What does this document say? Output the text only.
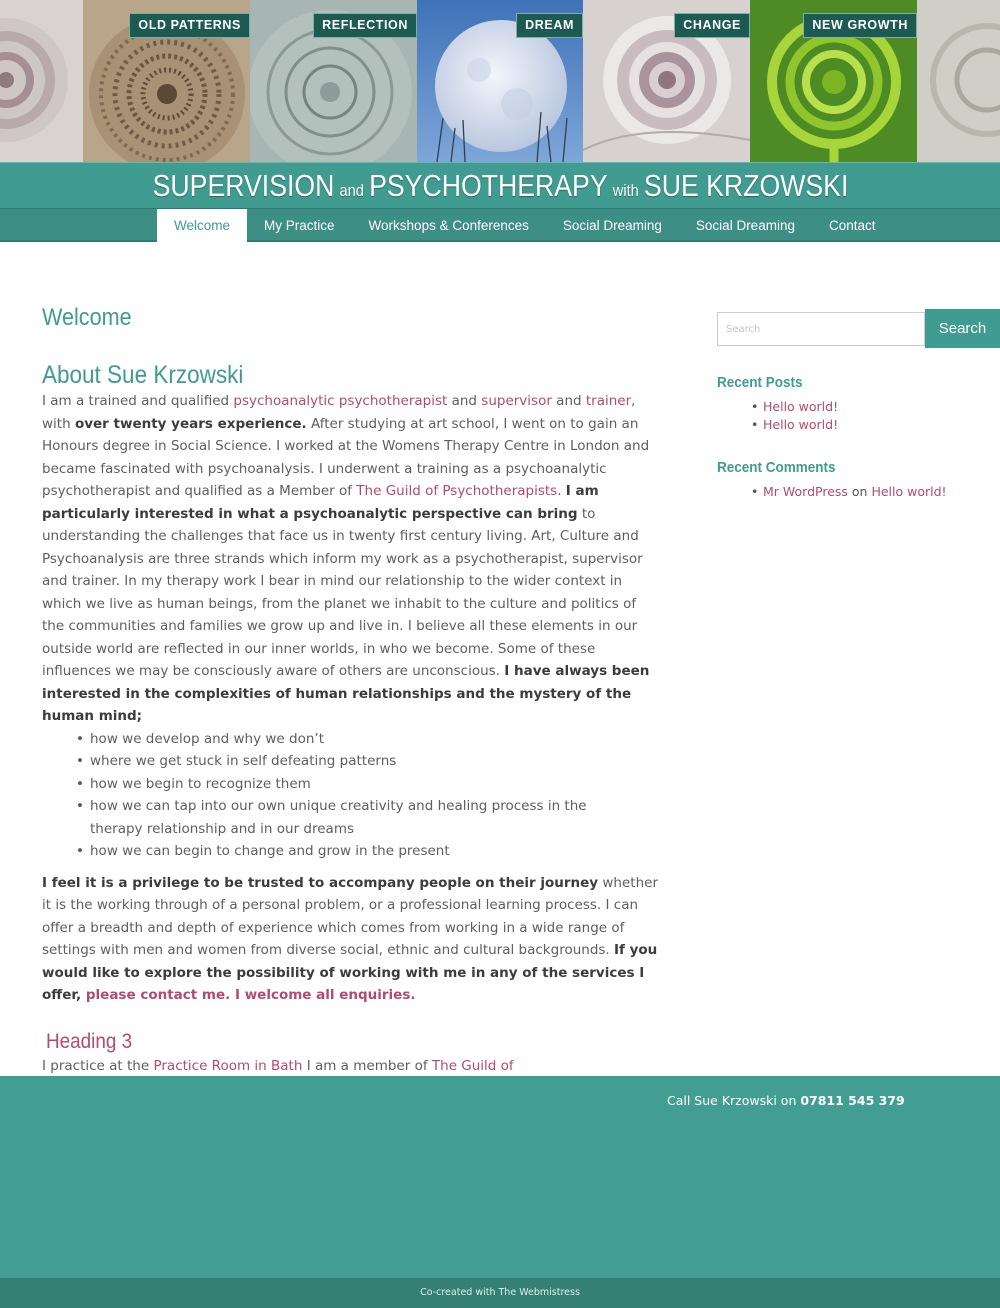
OLD PATTERNS	REFLECTION	DREAM	CHANGE	NEW GROWTH
SUPERVISION and PSYCHOTHERAPY with SUE KRZOWSKI
Welcome	My Practice	Workshops & Conferences	Social Dreaming	Social Dreaming	Contact
Welcome
About Sue Krzowski

I am a trained and qualified psychoanalytic psychotherapist and supervisor and trainer, with over twenty years experience. After studying at art school, I went on to gain an Honours degree in Social Science. I worked at the Womens Therapy Centre in London and became fascinated with psychoanalysis. I underwent a training as a psychoanalytic psychotherapist and qualified as a Member of The Guild of Psychotherapists. I am particularly interested in what a psychoanalytic perspective can bring to understanding the challenges that face us in twenty first century living. Art, Culture and Psychoanalysis are three strands which inform my work as a psychotherapist, supervisor and trainer. In my therapy work I bear in mind our relationship to the wider context in which we live as human beings, from the planet we inhabit to the culture and politics of the communities and families we grow up and live in. I believe all these elements in our outside world are reflected in our inner worlds, in who we become. Some of these influences we may be consciously aware of others are unconscious. I have always been interested in the complexities of human relationships and the mystery of the human mind;

• how we develop and why we don’t
• where we get stuck in self defeating patterns
• how we begin to recognize them
• how we can tap into our own unique creativity and healing process in the therapy relationship and in our dreams
• how we can begin to change and grow in the present

I feel it is a privilege to be trusted to accompany people on their journey whether it is the working through of a personal problem, or a professional learning process. I can offer a breadth and depth of experience which comes from working in a wide range of settings with men and women from diverse social, ethnic and cultural backgrounds. If you would like to explore the possibility of working with me in any of the services I offer, please contact me. I welcome all enquiries.

Heading 3

I practice at the Practice Room in Bath I am a member of The Guild of

Search
Search
Recent Posts
• Hello world!
• Hello world!
Recent Comments
• Mr WordPress on Hello world!
Call Sue Krzowski on 07811 545 379
Co-created with The Webmistress
